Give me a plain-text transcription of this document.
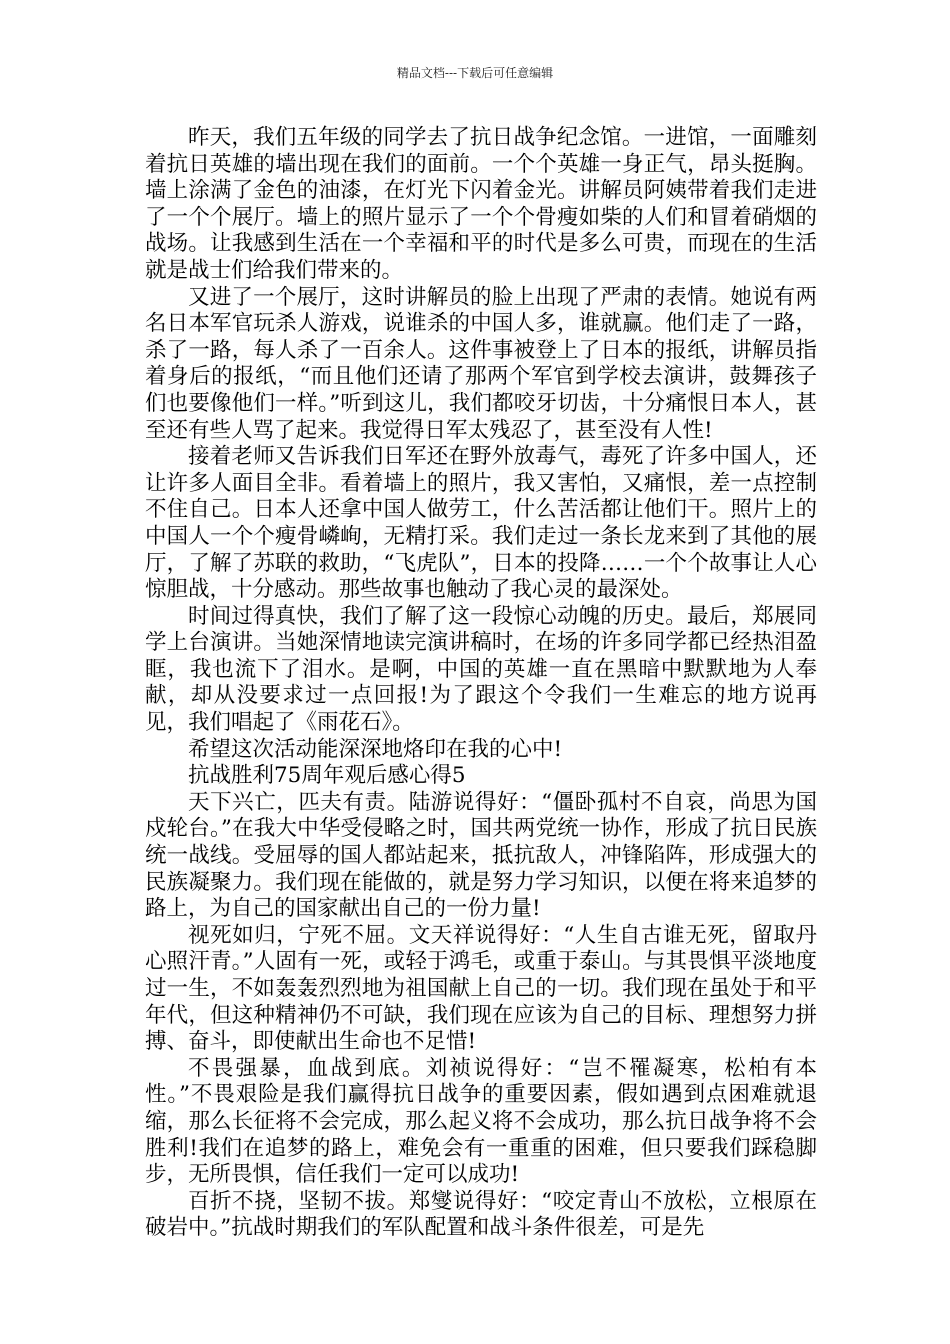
精品文档---下载后可任意编辑

昨天，我们五年级的同学去了抗日战争纪念馆。一进馆，一面雕刻着抗日英雄的墙出现在我们的面前。一个个英雄一身正气，昂头挺胸。墙上涂满了金色的油漆，在灯光下闪着金光。讲解员阿姨带着我们走进了一个个展厅。墙上的照片显示了一个个骨瘦如柴的人们和冒着硝烟的战场。让我感到生活在一个幸福和平的时代是多么可贵，而现在的生活就是战士们给我们带来的。

又进了一个展厅，这时讲解员的脸上出现了严肃的表情。她说有两名日本军官玩杀人游戏，说谁杀的中国人多，谁就赢。他们走了一路，杀了一路，每人杀了一百余人。这件事被登上了日本的报纸，讲解员指着身后的报纸，“而且他们还请了那两个军官到学校去演讲，鼓舞孩子们也要像他们一样。”听到这儿，我们都咬牙切齿，十分痛恨日本人，甚至还有些人骂了起来。我觉得日军太残忍了，甚至没有人性!

接着老师又告诉我们日军还在野外放毒气，毒死了许多中国人，还让许多人面目全非。看着墙上的照片，我又害怕，又痛恨，差一点控制不住自己。日本人还拿中国人做劳工，什么苦活都让他们干。照片上的中国人一个个瘦骨嶙峋，无精打采。我们走过一条长龙来到了其他的展厅，了解了苏联的救助，“飞虎队”，日本的投降……一个个故事让人心惊胆战，十分感动。那些故事也触动了我心灵的最深处。

时间过得真快，我们了解了这一段惊心动魄的历史。最后，郑展同学上台演讲。当她深情地读完演讲稿时，在场的许多同学都已经热泪盈眶，我也流下了泪水。是啊，中国的英雄一直在黑暗中默默地为人奉献，却从没要求过一点回报!为了跟这个令我们一生难忘的地方说再见，我们唱起了《雨花石》。

希望这次活动能深深地烙印在我的心中!

抗战胜利75周年观后感心得5

天下兴亡，匹夫有责。陆游说得好：“僵卧孤村不自哀，尚思为国戍轮台。”在我大中华受侵略之时，国共两党统一协作，形成了抗日民族统一战线。受屈辱的国人都站起来，抵抗敌人，冲锋陷阵，形成强大的民族凝聚力。我们现在能做的，就是努力学习知识，以便在将来追梦的路上，为自己的国家献出自己的一份力量!

视死如归，宁死不屈。文天祥说得好：“人生自古谁无死，留取丹心照汗青。”人固有一死，或轻于鸿毛，或重于泰山。与其畏惧平淡地度过一生，不如轰轰烈烈地为祖国献上自己的一切。我们现在虽处于和平年代，但这种精神仍不可缺，我们现在应该为自己的目标、理想努力拼搏、奋斗，即使献出生命也不足惜!

不畏强暴，血战到底。刘祯说得好：“岂不罹凝寒，松柏有本性。”不畏艰险是我们赢得抗日战争的重要因素，假如遇到点困难就退缩，那么长征将不会完成，那么起义将不会成功，那么抗日战争将不会胜利!我们在追梦的路上，难免会有一重重的困难，但只要我们踩稳脚步，无所畏惧，信任我们一定可以成功!

百折不挠，坚韧不拔。郑燮说得好：“咬定青山不放松，立根原在破岩中。”抗战时期我们的军队配置和战斗条件很差，可是先
